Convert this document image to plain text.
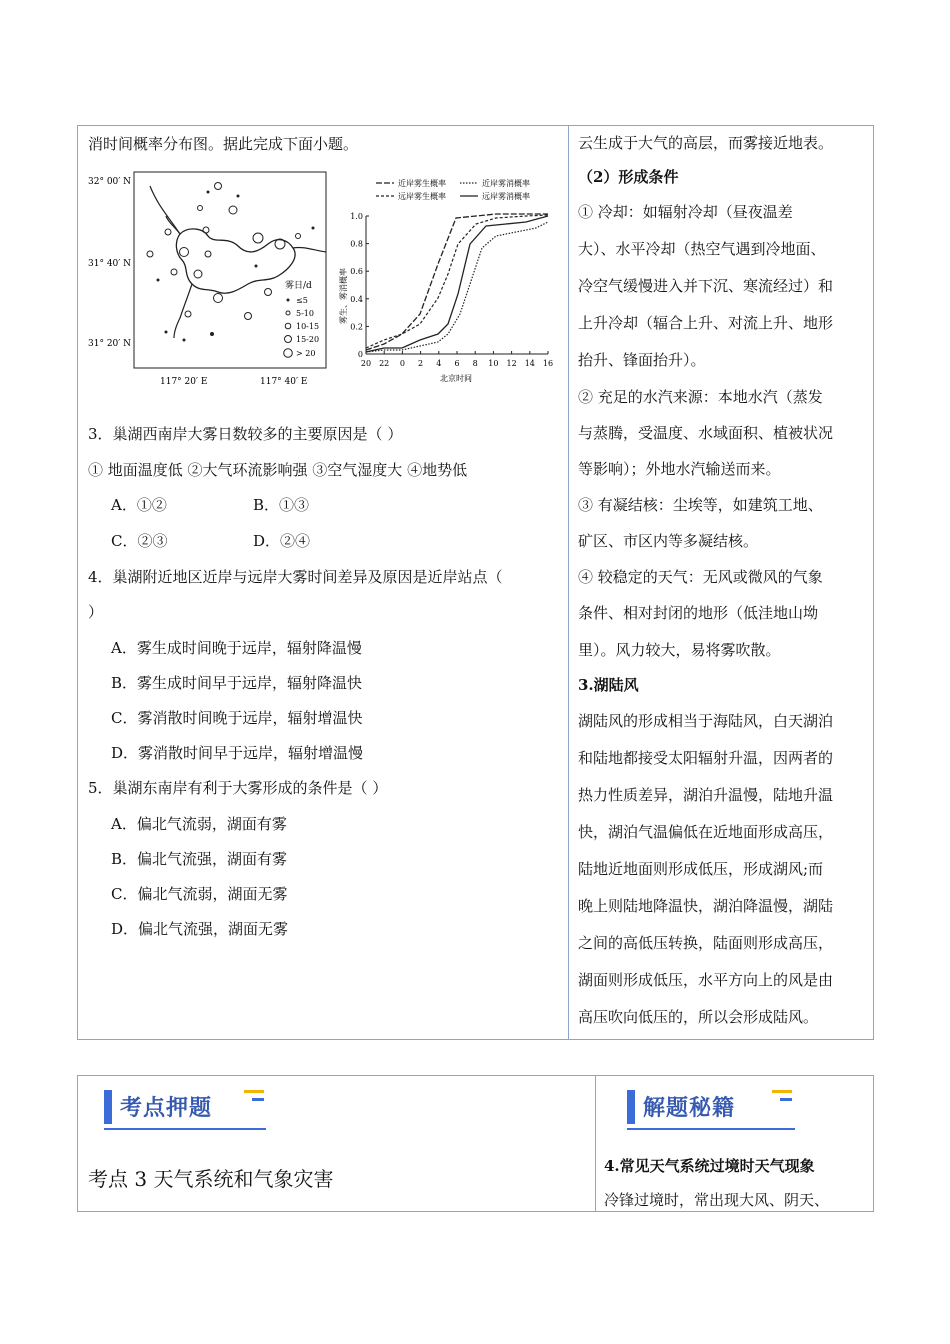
消时间概率分布图。据此完成下面小题。
32° 00′ N
31° 40′ N
31° 20′ N
雾日/d
≤5
5-10
10-15
15-20
> 20
117° 20′ E	117° 40′ E
近岸雾生概率	近岸雾消概率
远岸雾生概率	远岸雾消概率
雾生、雾消概率
北京时间
1.0
0.8
0.6
0.4
0.2
0
20 22 0 2 4 6 8 10 12 14 16
3．巢湖西南岸大雾日数较多的主要原因是（ ）
① 地面温度低 ②大气环流影响强 ③空气湿度大 ④地势低
A．①②	B．①③
C．②③	D．②④
4．巢湖附近地区近岸与远岸大雾时间差异及原因是近岸站点（
）
A．雾生成时间晚于远岸，辐射降温慢
B．雾生成时间早于远岸，辐射降温快
C．雾消散时间晚于远岸，辐射增温快
D．雾消散时间早于远岸，辐射增温慢
5．巢湖东南岸有利于大雾形成的条件是（ ）
A．偏北气流弱，湖面有雾
B．偏北气流强，湖面有雾
C．偏北气流弱，湖面无雾
D．偏北气流强，湖面无雾
云生成于大气的高层，而雾接近地表。
（2）形成条件
① 冷却：如辐射冷却（昼夜温差
大）、水平冷却（热空气遇到冷地面、
冷空气缓慢进入并下沉、寒流经过）和
上升冷却（辐合上升、对流上升、地形
抬升、锋面抬升）。
② 充足的水汽来源：本地水汽（蒸发
与蒸腾，受温度、水域面积、植被状况
等影响）；外地水汽输送而来。
③ 有凝结核：尘埃等，如建筑工地、
矿区、市区内等多凝结核。
④ 较稳定的天气：无风或微风的气象
条件、相对封闭的地形（低洼地山坳
里）。风力较大，易将雾吹散。
3.湖陆风
湖陆风的形成相当于海陆风，白天湖泊
和陆地都接受太阳辐射升温，因两者的
热力性质差异，湖泊升温慢，陆地升温
快，湖泊气温偏低在近地面形成高压，
陆地近地面则形成低压，形成湖风;而
晚上则陆地降温快，湖泊降温慢，湖陆
之间的高低压转换，陆面则形成高压，
湖面则形成低压，水平方向上的风是由
高压吹向低压的，所以会形成陆风。
考点押题
考点 3 天气系统和气象灾害
解题秘籍
4.常见天气系统过境时天气现象
冷锋过境时，常出现大风、阴天、
